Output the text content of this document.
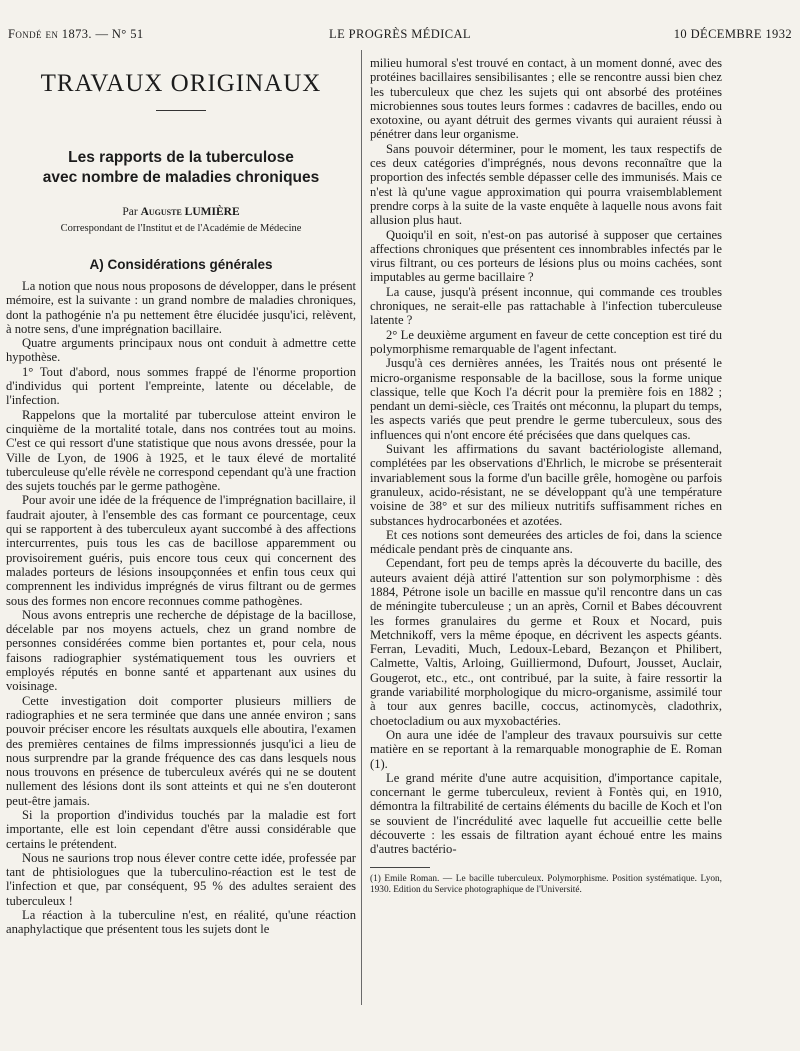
Fondé en 1873. — N° 51	LE PROGRÈS MÉDICAL	10 DÉCEMBRE 1932
TRAVAUX ORIGINAUX
Les rapports de la tuberculose
avec nombre de maladies chroniques
Par Auguste LUMIÈRE
Correspondant de l'Institut et de l'Académie de Médecine
A) Considérations générales

La notion que nous nous proposons de développer, dans le présent mémoire, est la suivante : un grand nombre de maladies chroniques, dont la pathogénie n'a pu nettement être élucidée jusqu'ici, relèvent, à notre sens, d'une imprégnation bacillaire.

Quatre arguments principaux nous ont conduit à admettre cette hypothèse.

1° Tout d'abord, nous sommes frappé de l'énorme proportion d'individus qui portent l'empreinte, latente ou décelable, de l'infection.

Rappelons que la mortalité par tuberculose atteint environ le cinquième de la mortalité totale, dans nos contrées tout au moins. C'est ce qui ressort d'une statistique que nous avons dressée, pour la Ville de Lyon, de 1906 à 1925, et le taux élevé de mortalité tuberculeuse qu'elle révèle ne correspond cependant qu'à une fraction des sujets touchés par le germe pathogène.

Pour avoir une idée de la fréquence de l'imprégnation bacillaire, il faudrait ajouter, à l'ensemble des cas formant ce pourcentage, ceux qui se rapportent à des tuberculeux ayant succombé à des affections intercurrentes, puis tous les cas de bacillose apparemment ou provisoirement guéris, puis encore tous ceux qui concernent des malades porteurs de lésions insoupçonnées et enfin tous ceux qui comprennent les individus imprégnés de virus filtrant ou de germes sous des formes non encore reconnues comme pathogènes.

Nous avons entrepris une recherche de dépistage de la bacillose, décelable par nos moyens actuels, chez un grand nombre de personnes considérées comme bien portantes et, pour cela, nous faisons radiographier systématiquement tous les ouvriers et employés réputés en bonne santé et appartenant aux usines du voisinage.

Cette investigation doit comporter plusieurs milliers de radiographies et ne sera terminée que dans une année environ ; sans pouvoir préciser encore les résultats auxquels elle aboutira, l'examen des premières centaines de films impressionnés jusqu'ici a lieu de nous surprendre par la grande fréquence des cas dans lesquels nous nous trouvons en présence de tuberculeux avérés qui ne se doutent nullement des lésions dont ils sont atteints et qui ne s'en douteront peut-être jamais.

Si la proportion d'individus touchés par la maladie est fort importante, elle est loin cependant d'être aussi considérable que certains le prétendent.

Nous ne saurions trop nous élever contre cette idée, professée par tant de phtisiologues que la tuberculino-réaction est le test de l'infection et que, par conséquent, 95 % des adultes seraient des tuberculeux !

La réaction à la tuberculine n'est, en réalité, qu'une réaction anaphylactique que présentent tous les sujets dont le

milieu humoral s'est trouvé en contact, à un moment donné, avec des protéines bacillaires sensibilisantes ; elle se rencontre aussi bien chez les tuberculeux que chez les sujets qui ont absorbé des protéines microbiennes sous toutes leurs formes : cadavres de bacilles, endo ou exotoxine, ou ayant détruit des germes vivants qui auraient réussi à pénétrer dans leur organisme.

Sans pouvoir déterminer, pour le moment, les taux respectifs de ces deux catégories d'imprégnés, nous devons reconnaître que la proportion des infectés semble dépasser celle des immunisés. Mais ce n'est là qu'une vague approximation qui pourra vraisemblablement prendre corps à la suite de la vaste enquête à laquelle nous avons fait allusion plus haut.

Quoiqu'il en soit, n'est-on pas autorisé à supposer que certaines affections chroniques que présentent ces innombrables infectés par le virus filtrant, ou ces porteurs de lésions plus ou moins cachées, sont imputables au germe bacillaire ?

La cause, jusqu'à présent inconnue, qui commande ces troubles chroniques, ne serait-elle pas rattachable à l'infection tuberculeuse latente ?

2° Le deuxième argument en faveur de cette conception est tiré du polymorphisme remarquable de l'agent infectant.

Jusqu'à ces dernières années, les Traités nous ont présenté le micro-organisme responsable de la bacillose, sous la forme unique classique, telle que Koch l'a décrit pour la première fois en 1882 ; pendant un demi-siècle, ces Traités ont méconnu, la plupart du temps, les aspects variés que peut prendre le germe tuberculeux, sous des influences qui n'ont encore été précisées que dans quelques cas.

Suivant les affirmations du savant bactériologiste allemand, complétées par les observations d'Ehrlich, le microbe se présenterait invariablement sous la forme d'un bacille grêle, homogène ou parfois granuleux, acido-résistant, ne se développant qu'à une température voisine de 38° et sur des milieux nutritifs suffisamment riches en substances hydrocarbonées et azotées.

Et ces notions sont demeurées des articles de foi, dans la science médicale pendant près de cinquante ans.

Cependant, fort peu de temps après la découverte du bacille, des auteurs avaient déjà attiré l'attention sur son polymorphisme : dès 1884, Pétrone isole un bacille en massue qu'il rencontre dans un cas de méningite tuberculeuse ; un an après, Cornil et Babes découvrent les formes granulaires du germe et Roux et Nocard, puis Metchnikoff, vers la même époque, en décrivent les aspects géants. Ferran, Levaditi, Much, Ledoux-Lebard, Bezançon et Philibert, Calmette, Valtis, Arloing, Guilliermond, Dufourt, Jousset, Auclair, Gougerot, etc., etc., ont contribué, par la suite, à faire ressortir la grande variabilité morphologique du micro-organisme, assimilé tour à tour aux genres bacille, coccus, actinomycès, cladothrix, choetocladium ou aux myxobactéries.

On aura une idée de l'ampleur des travaux poursuivis sur cette matière en se reportant à la remarquable monographie de E. Roman (1).

Le grand mérite d'une autre acquisition, d'importance capitale, concernant le germe tuberculeux, revient à Fontès qui, en 1910, démontra la filtrabilité de certains éléments du bacille de Koch et l'on se souvient de l'incrédulité avec laquelle fut accueillie cette belle découverte : les essais de filtration ayant échoué entre les mains d'autres bactério-

(1) Emile Roman. — Le bacille tuberculeux. Polymorphisme. Position systématique. Lyon, 1930. Edition du Service photographique de l'Université.
